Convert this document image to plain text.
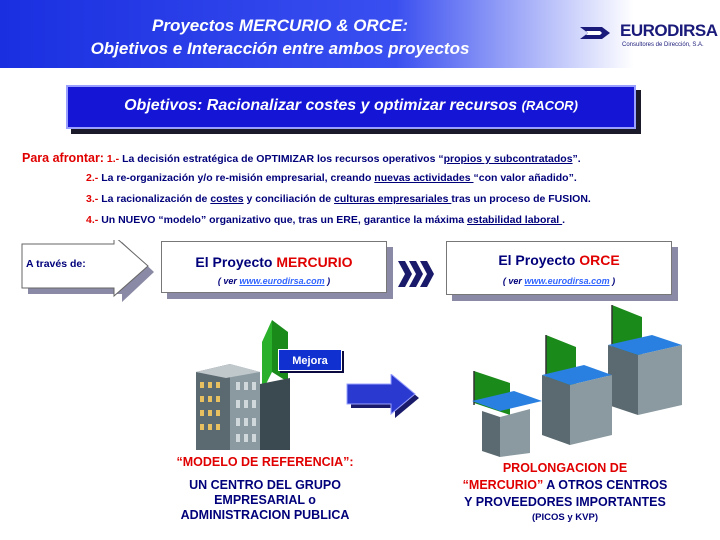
Proyectos MERCURIO & ORCE:
Objetivos e Interacción entre ambos proyectos
EURODIRSA
Consultores de Dirección, S.A.
Objetivos: Racionalizar costes y optimizar recursos (RACOR)
Para afrontar: 1.- La decisión estratégica de OPTIMIZAR los recursos operativos “propios y subcontratados”.
2.- La re-organización y/o re-misión empresarial, creando nuevas actividades “con valor añadido”.
3.- La racionalización de costes y conciliación de culturas empresariales tras un proceso de FUSION.
4.- Un NUEVO “modelo” organizativo que, tras un ERE, garantice la máxima estabilidad laboral .
A través de:	El Proyecto MERCURIO
( ver www.eurodirsa.com )
El Proyecto ORCE
( ver www.eurodirsa.com )
Mejora
“MODELO DE REFERENCIA”:
UN CENTRO DEL GRUPO
EMPRESARIAL o
ADMINISTRACION PUBLICA
PROLONGACION DE
“MERCURIO” A OTROS CENTROS
Y PROVEEDORES IMPORTANTES
(PICOS y KVP)
